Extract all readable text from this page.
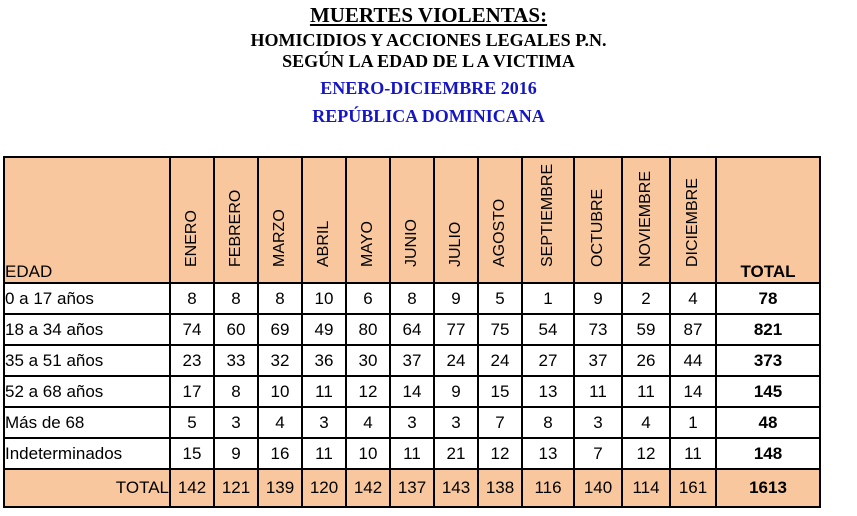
MUERTES VIOLENTAS:
HOMICIDIOS Y ACCIONES LEGALES P.N.
SEGÚN LA EDAD DE L A VICTIMA
ENERO-DICIEMBRE 2016
REPÚBLICA DOMINICANA
EDAD	ENERO	FEBRERO	MARZO	ABRIL	MAYO	JUNIO	JULIO	AGOSTO	SEPTIEMBRE	OCTUBRE	NOVIEMBRE	DICIEMBRE	TOTAL
0 a 17 años	8	8	8	10	6	8	9	5	1	9	2	4	78
18 a 34 años	74	60	69	49	80	64	77	75	54	73	59	87	821
35 a 51 años	23	33	32	36	30	37	24	24	27	37	26	44	373
52 a 68 años	17	8	10	11	12	14	9	15	13	11	11	14	145
Más de 68	5	3	4	3	4	3	3	7	8	3	4	1	48
Indeterminados	15	9	16	11	10	11	21	12	13	7	12	11	148
TOTAL	142	121	139	120	142	137	143	138	116	140	114	161	1613
